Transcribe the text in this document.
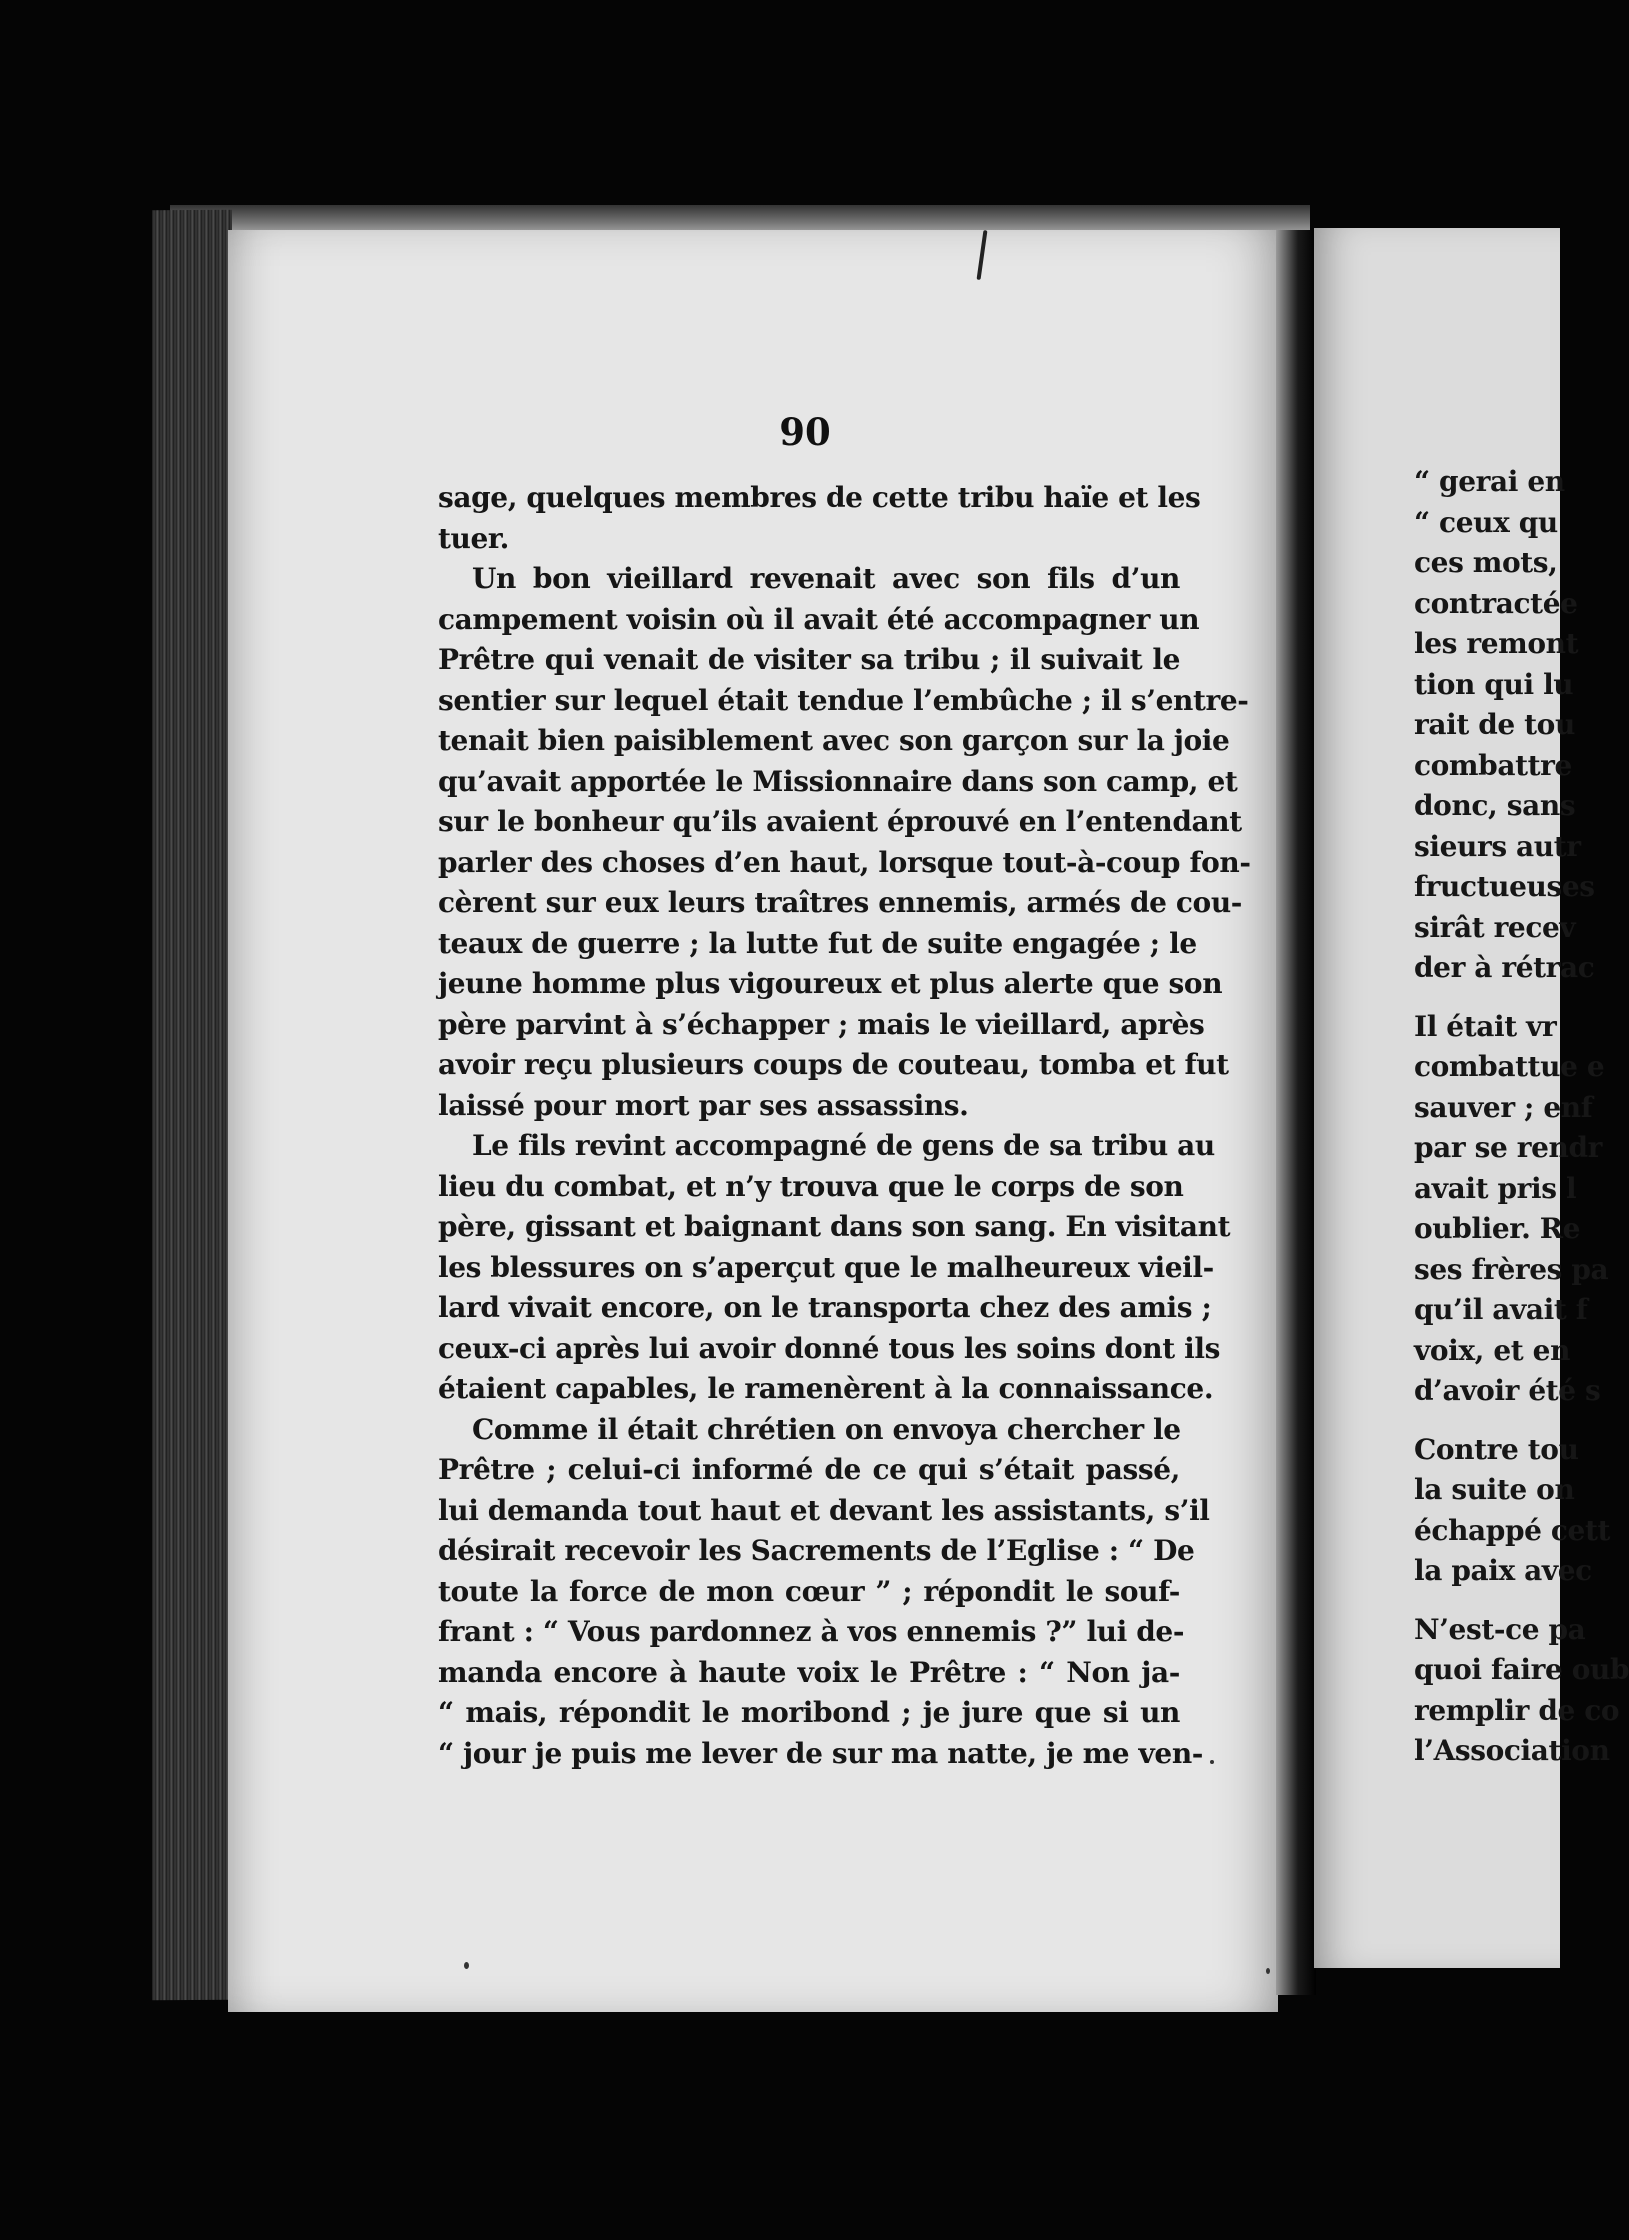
90
sage, quelques membres de cette tribu haïe et les
tuer.
Un bon vieillard revenait avec son fils d’un
campement voisin où il avait été accompagner un
Prêtre qui venait de visiter sa tribu ; il suivait le
sentier sur lequel était tendue l’embûche ; il s’entre-
tenait bien paisiblement avec son garçon sur la joie
qu’avait apportée le Missionnaire dans son camp, et
sur le bonheur qu’ils avaient éprouvé en l’entendant
parler des choses d’en haut, lorsque tout-à-coup fon-
cèrent sur eux leurs traîtres ennemis, armés de cou-
teaux de guerre ; la lutte fut de suite engagée ; le
jeune homme plus vigoureux et plus alerte que son
père parvint à s’échapper ; mais le vieillard, après
avoir reçu plusieurs coups de couteau, tomba et fut
laissé pour mort par ses assassins.
Le fils revint accompagné de gens de sa tribu au
lieu du combat, et n’y trouva que le corps de son
père, gissant et baignant dans son sang. En visitant
les blessures on s’aperçut que le malheureux vieil-
lard vivait encore, on le transporta chez des amis ;
ceux-ci après lui avoir donné tous les soins dont ils
étaient capables, le ramenèrent à la connaissance.
Comme il était chrétien on envoya chercher le
Prêtre ; celui-ci informé de ce qui s’était passé,
lui demanda tout haut et devant les assistants, s’il
désirait recevoir les Sacrements de l’Eglise : “ De
toute la force de mon cœur ” ; répondit le souf-
frant : “ Vous pardonnez à vos ennemis ?” lui de-
manda encore à haute voix le Prêtre : “ Non ja-
“ mais, répondit le moribond ; je jure que si un
“ jour je puis me lever de sur ma natte, je me ven-
“ gerai en
“ ceux qu
ces mots,
contractée
les remont
tion qui lu
rait de tou
combattre
donc, sans
sieurs autr
fructueuses
sirât recev
der à rétrac
Il était vr
combattue e
sauver ; enf
par se rendr
avait pris l
oublier. Re
ses frères pa
qu’il avait f
voix, et en
d’avoir été s
Contre tou
la suite on
échappé cett
la paix avec
N’est-ce pa
quoi faire oub
remplir de co
l’Association
